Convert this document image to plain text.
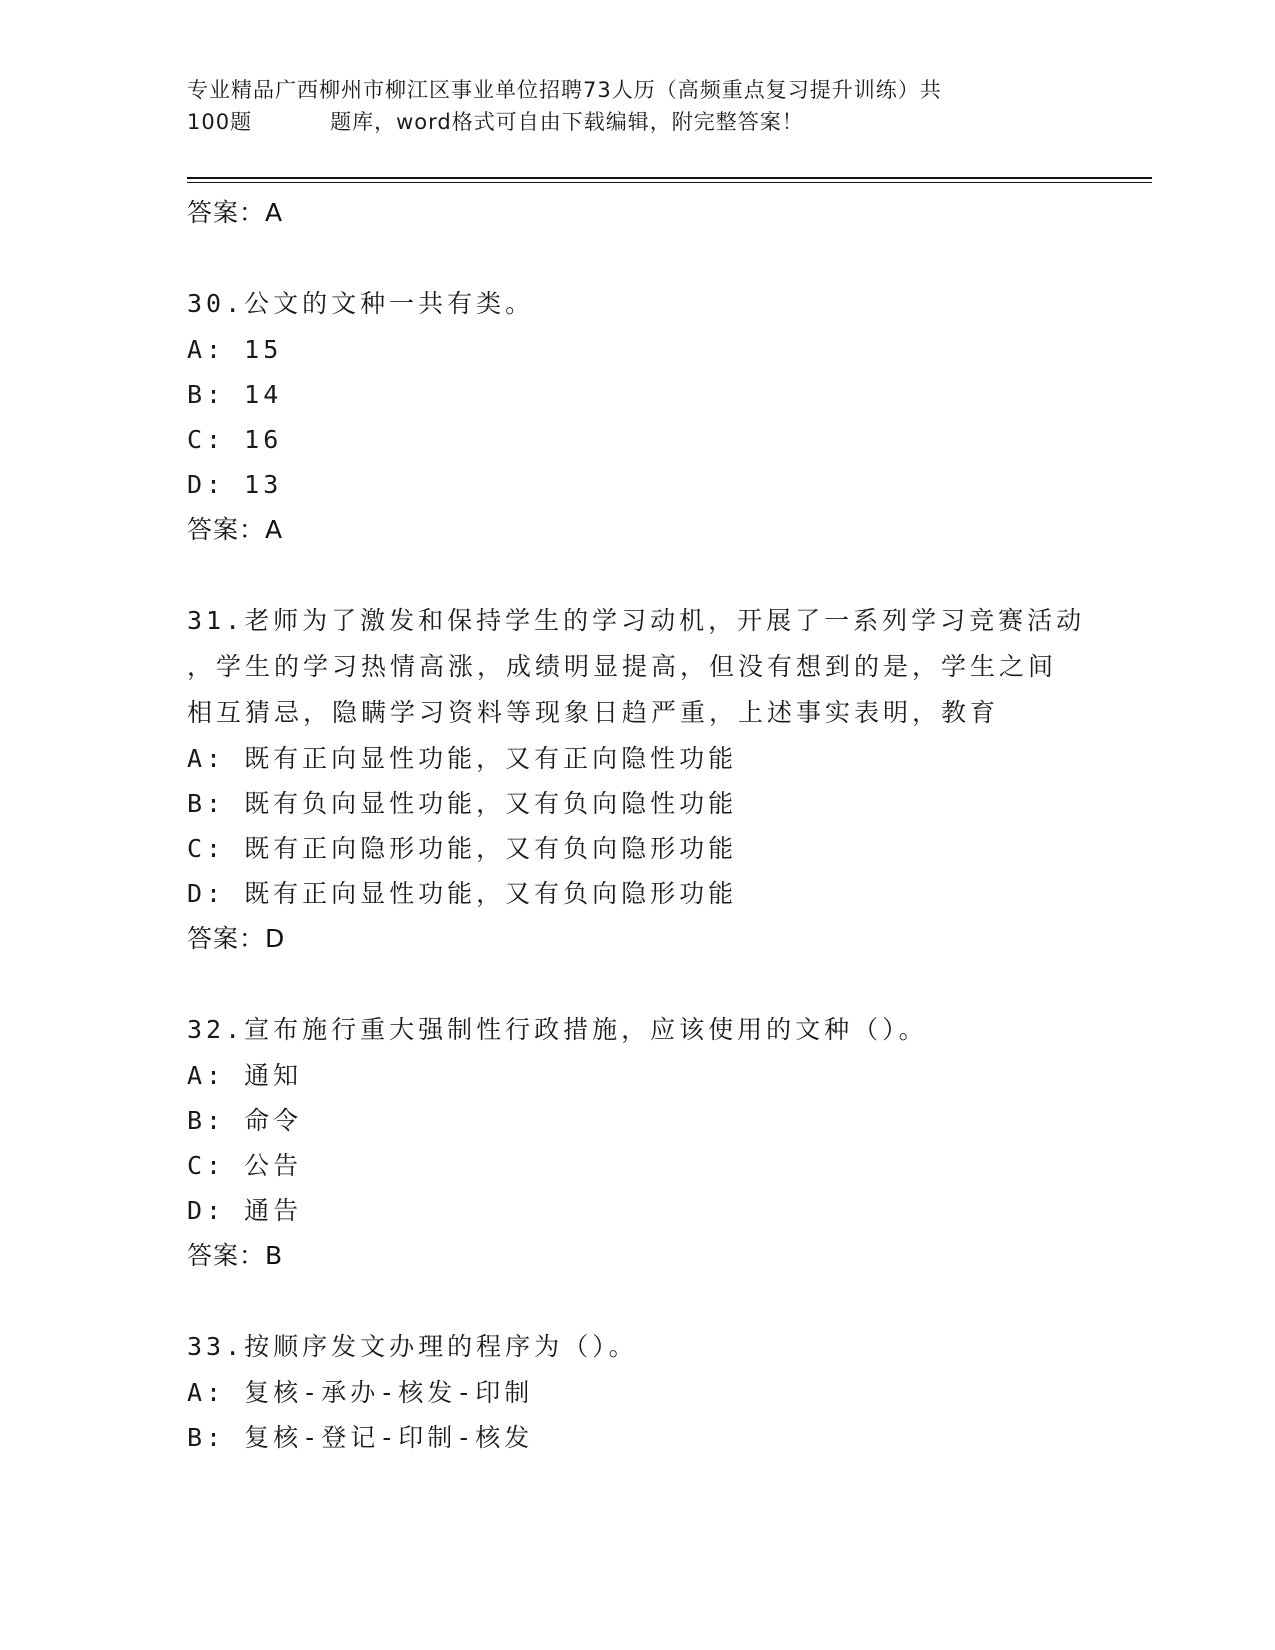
专业精品广西柳州市柳江区事业单位招聘73人历（高频重点复习提升训练）共
100题	题库，word格式可自由下载编辑，附完整答案！
答案：A
30.公文的文种一共有类。
A: 15
B: 14
C: 16
D: 13
答案：A
31.老师为了激发和保持学生的学习动机，开展了一系列学习竞赛活动
，学生的学习热情高涨，成绩明显提高，但没有想到的是，学生之间
相互猜忌，隐瞒学习资料等现象日趋严重，上述事实表明，教育
A: 既有正向显性功能，又有正向隐性功能
B: 既有负向显性功能，又有负向隐性功能
C: 既有正向隐形功能，又有负向隐形功能
D: 既有正向显性功能，又有负向隐形功能
答案：D
32.宣布施行重大强制性行政措施，应该使用的文种（）。
A: 通知
B: 命令
C: 公告
D: 通告
答案：B
33.按顺序发文办理的程序为（）。
A: 复核-承办-核发-印制
B: 复核-登记-印制-核发
